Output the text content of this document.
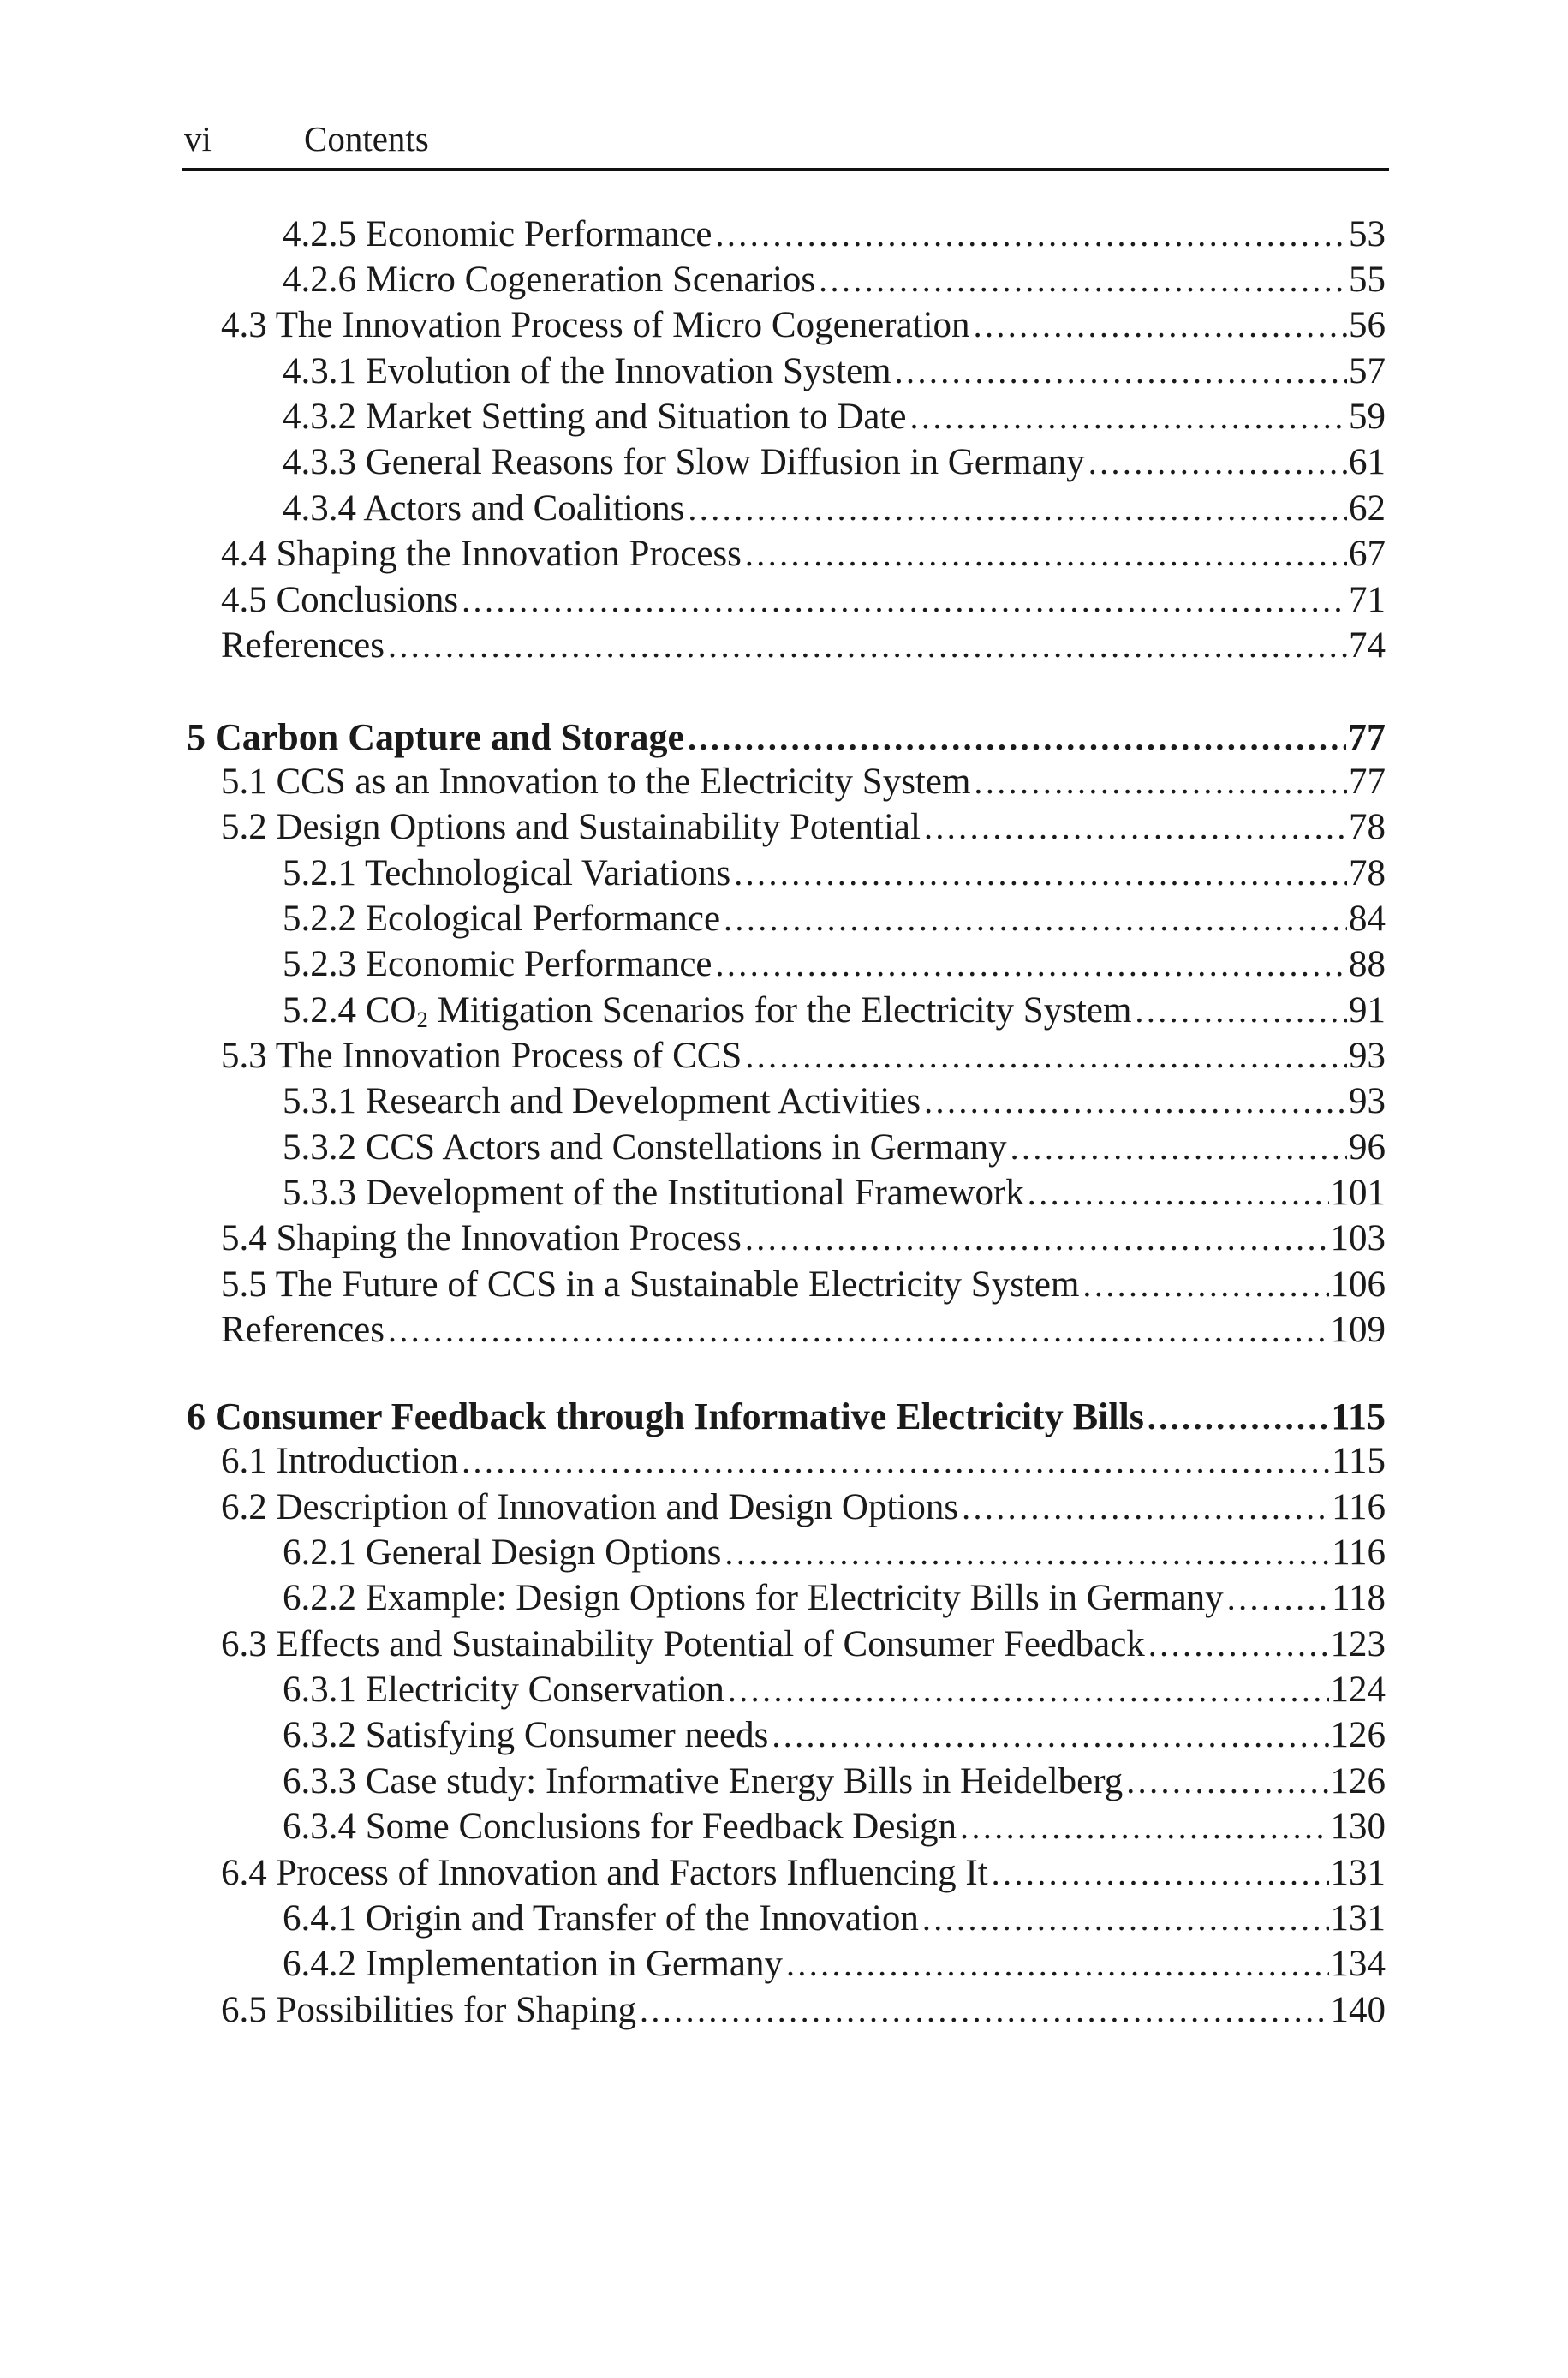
vi	Contents
4.2.5 Economic Performance .....	53
4.2.6 Micro Cogeneration Scenarios .....	55
4.3 The Innovation Process of Micro Cogeneration .....	56
4.3.1 Evolution of the Innovation System .....	57
4.3.2 Market Setting and Situation to Date .....	59
4.3.3 General Reasons for Slow Diffusion in Germany .....	61
4.3.4 Actors and Coalitions .....	62
4.4 Shaping the Innovation Process .....	67
4.5 Conclusions .....	71
References .....	74
5 Carbon Capture and Storage .....	77
5.1 CCS as an Innovation to the Electricity System .....	77
5.2 Design Options and Sustainability Potential .....	78
5.2.1 Technological Variations .....	78
5.2.2 Ecological Performance .....	84
5.2.3 Economic Performance .....	88
5.2.4 $CO_2$ Mitigation Scenarios for the Electricity System .....	91
5.3 The Innovation Process of CCS .....	93
5.3.1 Research and Development Activities .....	93
5.3.2 CCS Actors and Constellations in Germany .....	96
5.3.3 Development of the Institutional Framework .....	101
5.4 Shaping the Innovation Process .....	103
5.5 The Future of CCS in a Sustainable Electricity System .....	106
References .....	109
6 Consumer Feedback through Informative Electricity Bills .....	115
6.1 Introduction .....	115
6.2 Description of Innovation and Design Options .....	116
6.2.1 General Design Options .....	116
6.2.2 Example: Design Options for Electricity Bills in Germany .....	118
6.3 Effects and Sustainability Potential of Consumer Feedback .....	123
6.3.1 Electricity Conservation .....	124
6.3.2 Satisfying Consumer needs .....	126
6.3.3 Case study: Informative Energy Bills in Heidelberg .....	126
6.3.4 Some Conclusions for Feedback Design .....	130
6.4 Process of Innovation and Factors Influencing It .....	131
6.4.1 Origin and Transfer of the Innovation .....	131
6.4.2 Implementation in Germany .....	134
6.5 Possibilities for Shaping .....	140
